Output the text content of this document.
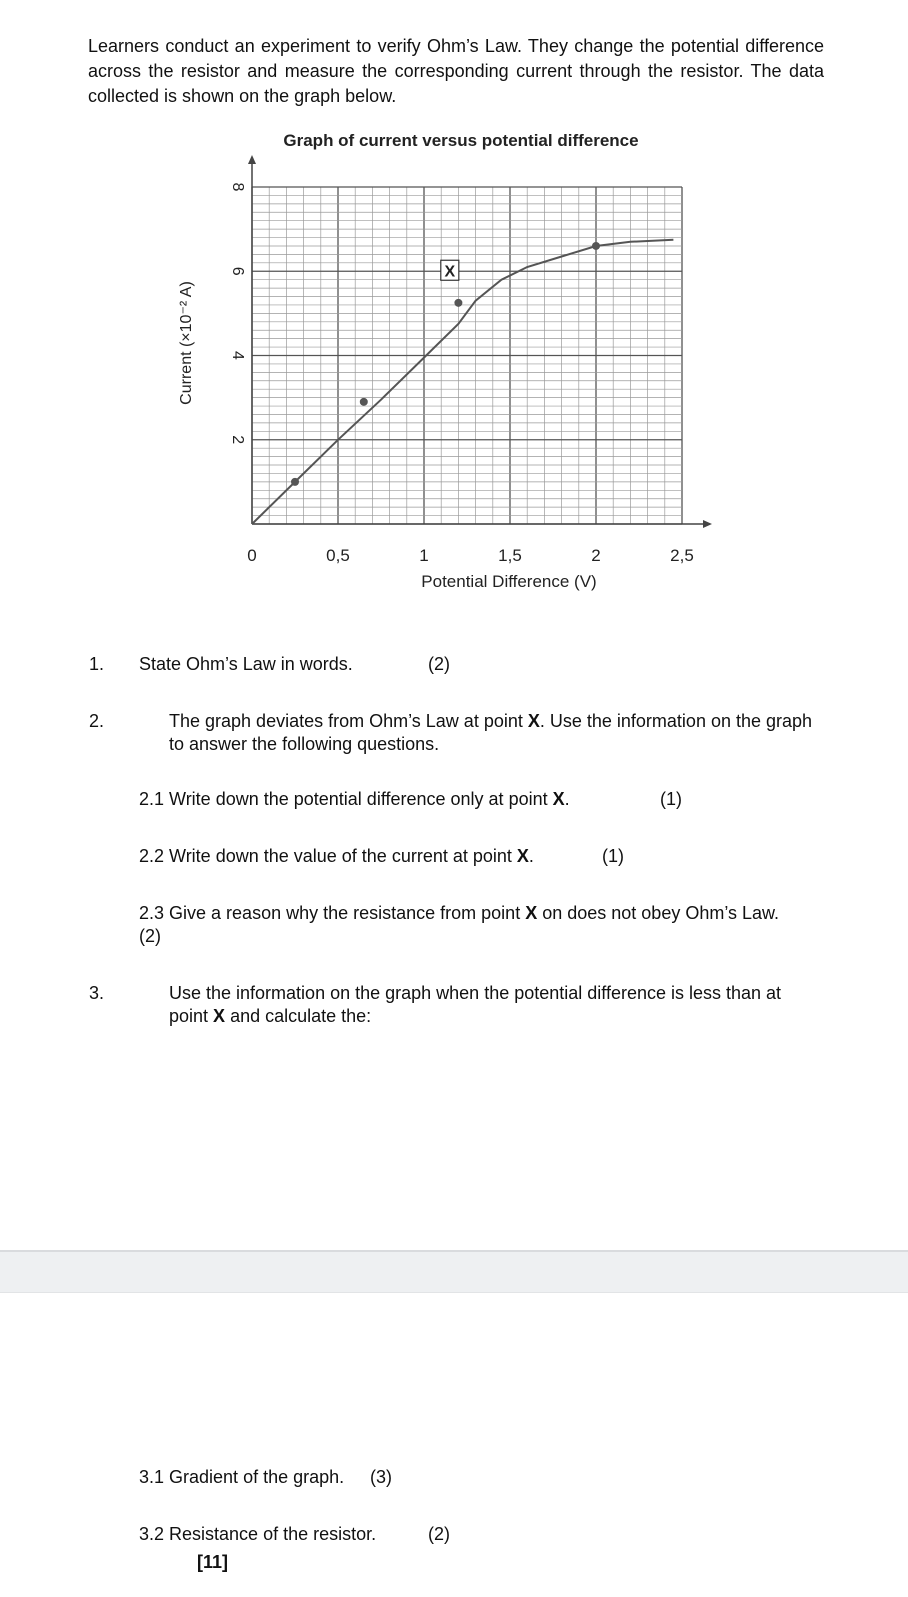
Learners conduct an experiment to verify Ohm’s Law. They change the potential difference across the resistor and measure the corresponding current through the resistor. The data collected is shown on the graph below.

Graph of current versus potential difference
0	0,5	1	1,5	2	2,5
2
4
6
8
Potential Difference (V)
Current (×10⁻² A)
X
1. State Ohm’s Law in words.	(2)
2.	The graph deviates from Ohm’s Law at point X. Use the information on the graph to answer the following questions.

2.1 Write down the potential difference only at point X.	(1)

2.2 Write down the value of the current at point X.	(1)

2.3 Give a reason why the resistance from point X on does not obey Ohm’s Law.

(2)
3.	Use the information on the graph when the potential difference is less than at point X and calculate the:

3.1 Gradient of the graph. (3)
3.2 Resistance of the resistor.	(2)
[11]
